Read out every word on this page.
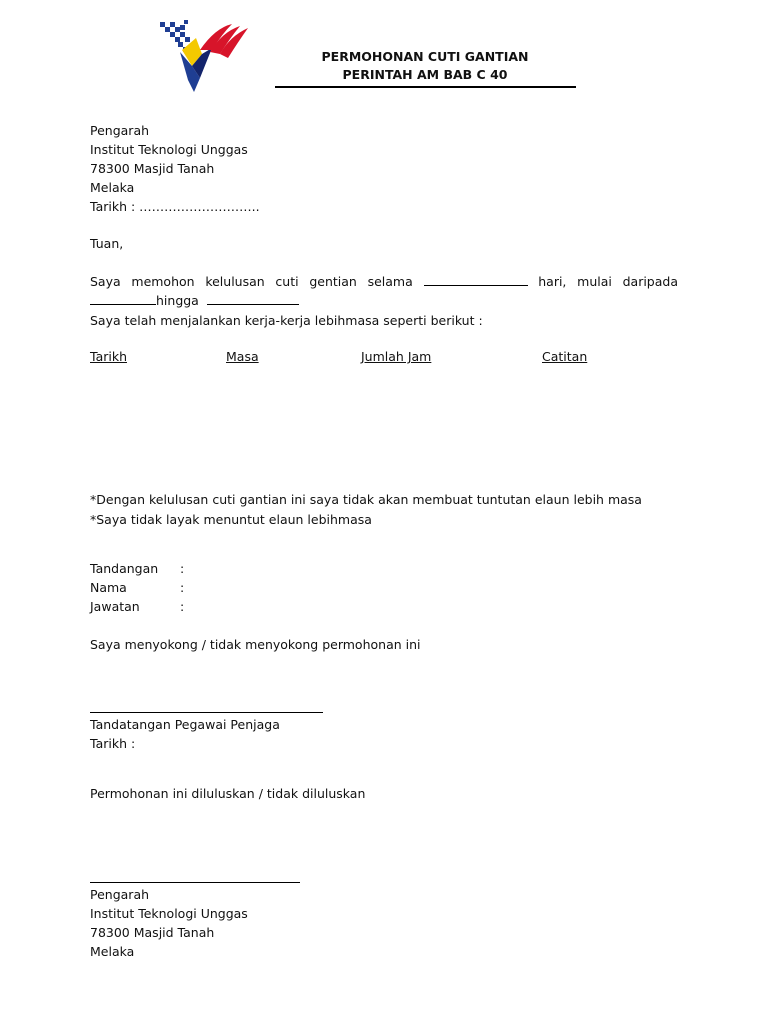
PERMOHONAN CUTI GANTIAN
PERINTAH AM BAB C 40
Pengarah
Institut Teknologi Unggas
78300 Masjid Tanah
Melaka
Tarikh : ………………………..
Tuan,
Saya memohon kelulusan cuti gentian selama	hari, mulai daripada
hingga
Saya telah menjalankan kerja-kerja lebihmasa seperti berikut :
Tarikh	Masa	Jumlah Jam	Catitan
*Dengan kelulusan cuti gantian ini saya tidak akan membuat tuntutan elaun lebih masa
*Saya tidak layak menuntut elaun lebihmasa
Tandangan :
Nama	:
Jawatan	:
Saya menyokong / tidak menyokong permohonan ini
Tandatangan Pegawai Penjaga
Tarikh :
Permohonan ini diluluskan / tidak diluluskan
Pengarah
Institut Teknologi Unggas
78300 Masjid Tanah
Melaka
